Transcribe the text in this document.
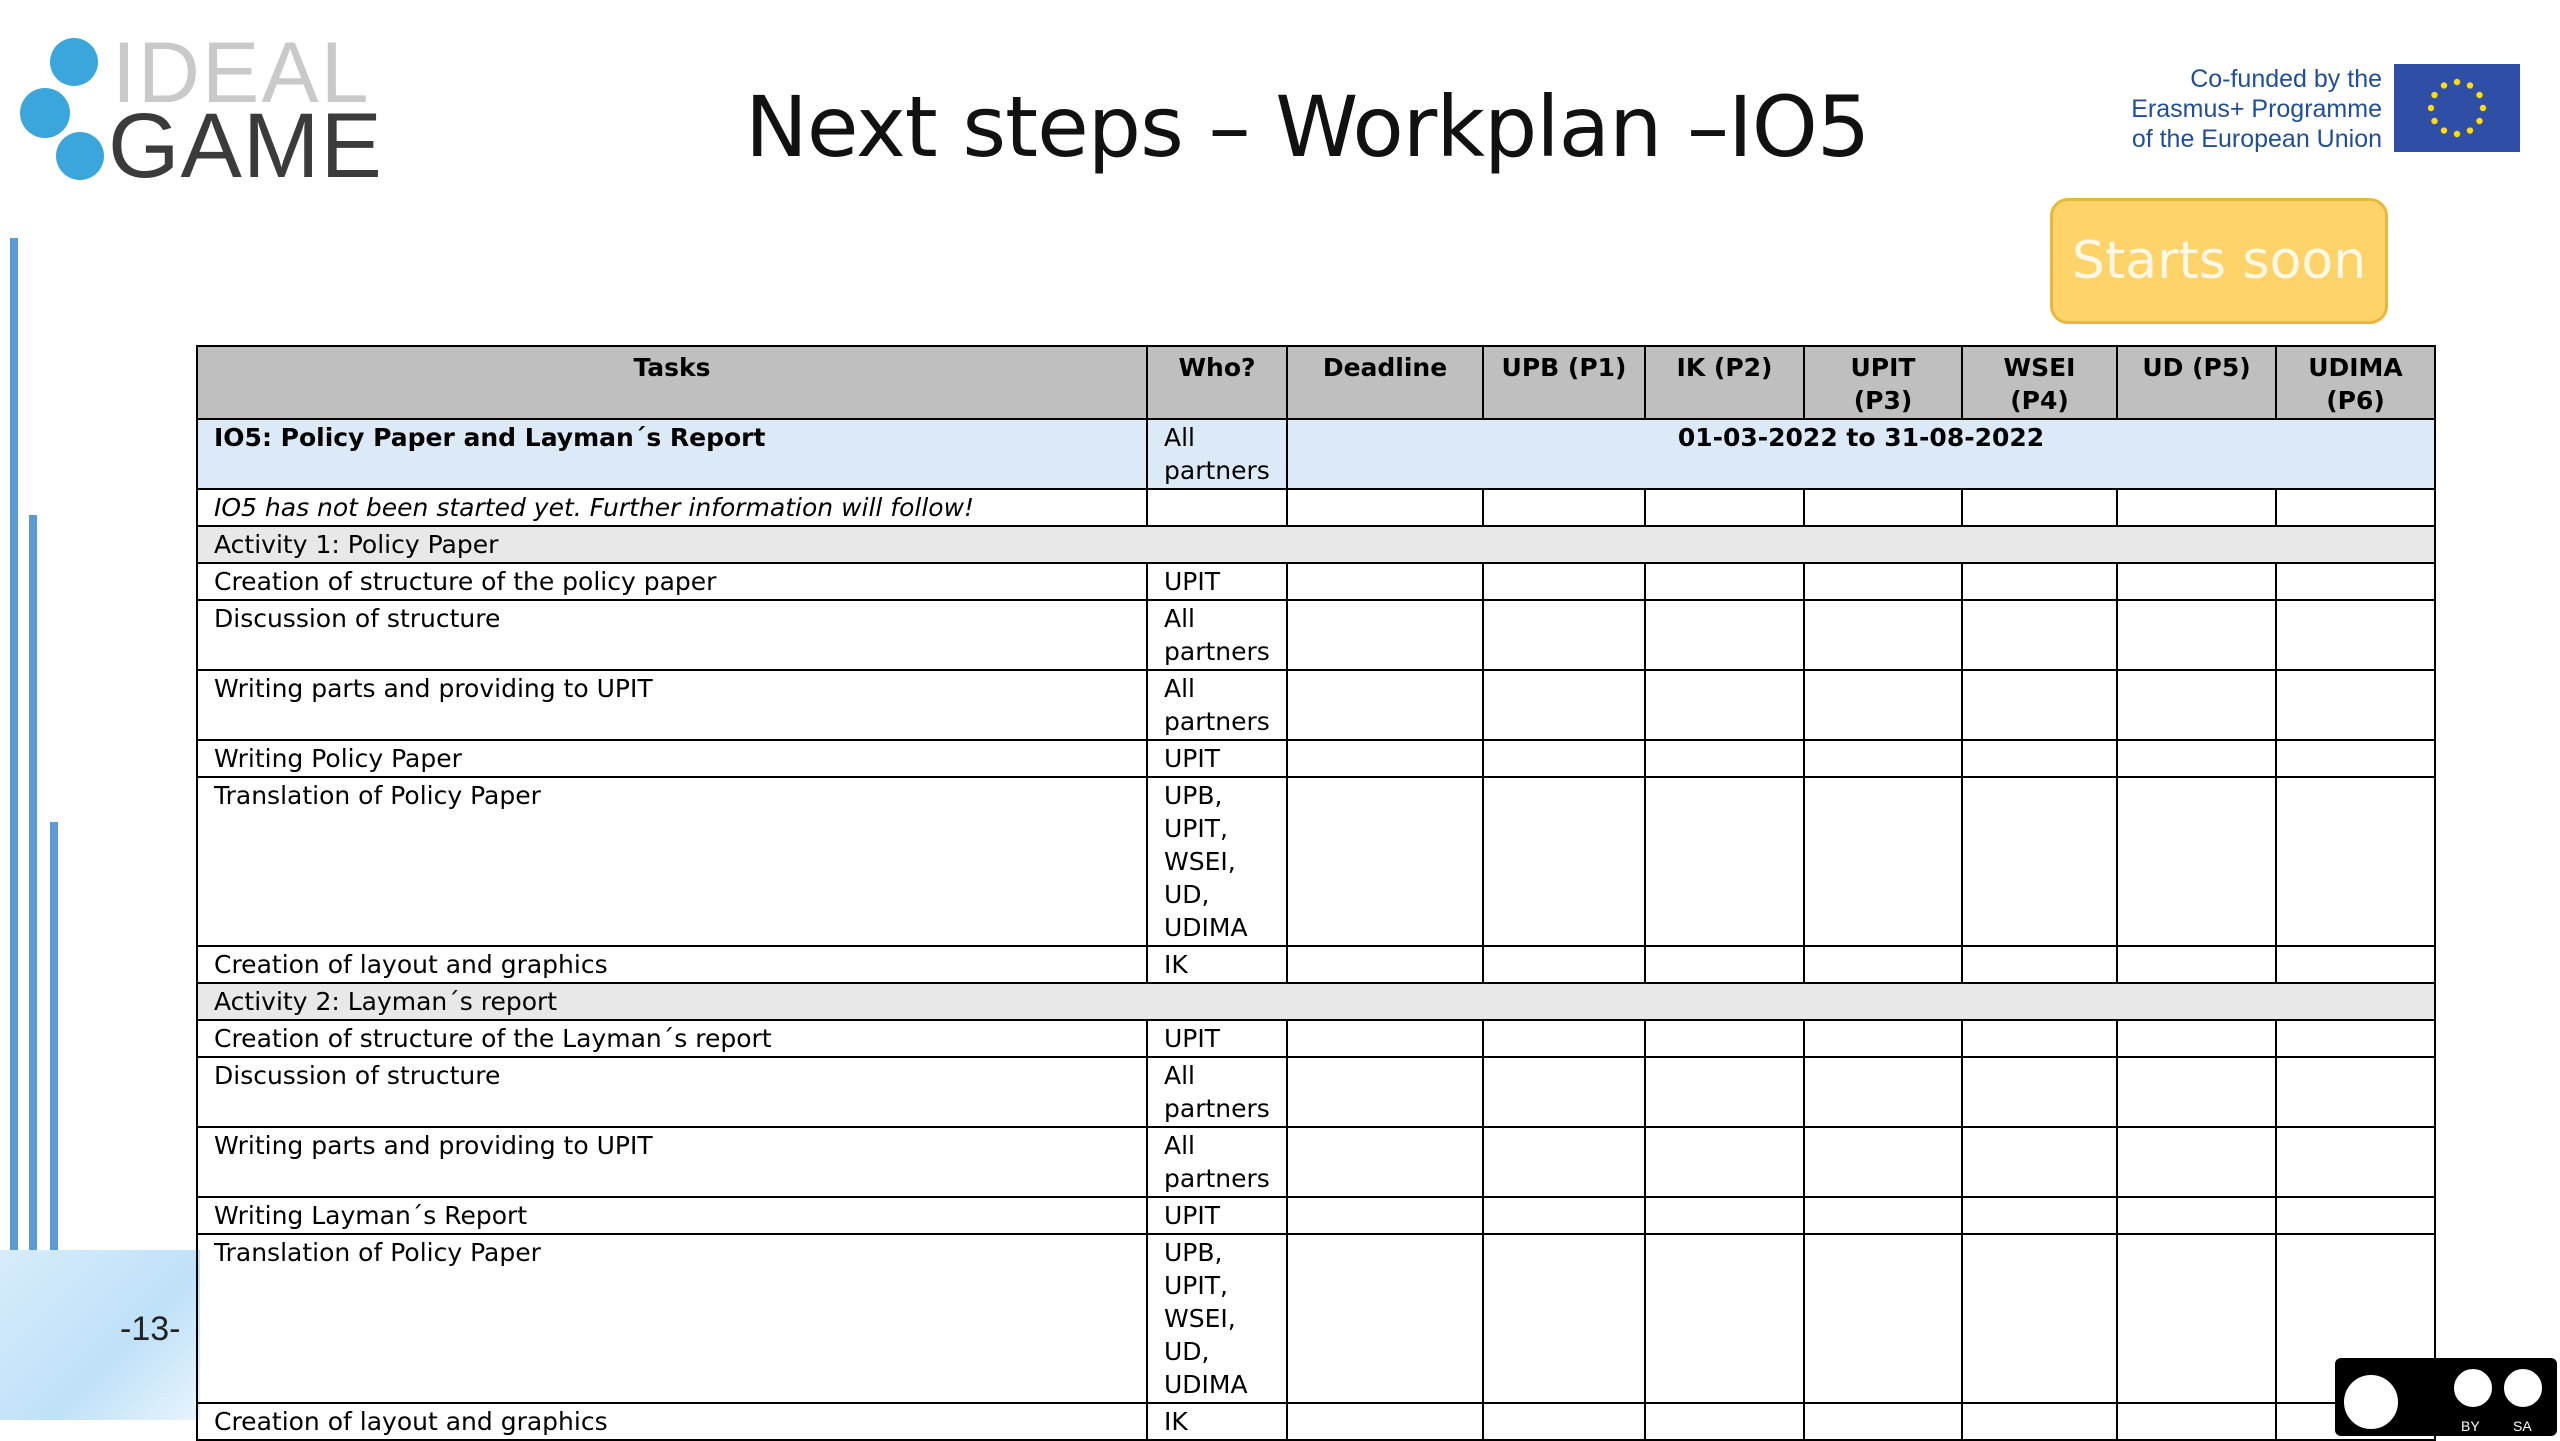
-13-
IDEAL
GAME	Next steps – Workplan –IO5	Co-funded by the
Erasmus+ Programme
of the European Union
Starts soon
Tasks	Who?	Deadline	UPB (P1)	IK (P2)	UPIT (P3)	WSEI (P4)	UD (P5)	UDIMA (P6)
IO5: Policy Paper and Layman´s Report	All partners	01-03-2022 to 31-08-2022						
IO5 has not been started yet. Further information will follow!								
Activity 1: Policy Paper								
Creation of structure of the policy paper	UPIT							
Discussion of structure	All partners							
Writing parts and providing to UPIT	All partners							
Writing Policy Paper	UPIT							
Translation of Policy Paper	UPB, UPIT, WSEI, UD, UDIMA							
Creation of layout and graphics	IK							
Activity 2: Layman´s report								
Creation of structure of the Layman´s report	UPIT							
Discussion of structure	All partners							
Writing parts and providing to UPIT	All partners							
Writing Layman´s Report	UPIT							
Translation of Policy Paper	UPB, UPIT, WSEI, UD, UDIMA							
Creation of layout and graphics	IK								BY SA
